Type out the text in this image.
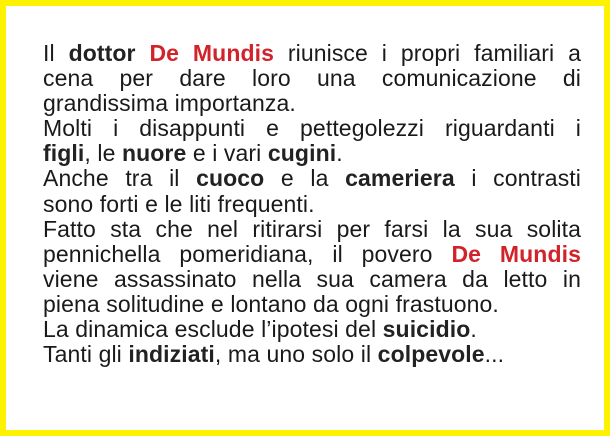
Il dottor De Mundis riunisce i propri familiari a
cena per dare loro una comunicazione di
grandissima importanza.
Molti i disappunti e pettegolezzi riguardanti i
figli, le nuore e i vari cugini.
Anche tra il cuoco e la cameriera i contrasti
sono forti e le liti frequenti.
Fatto sta che nel ritirarsi per farsi la sua solita
pennichella pomeridiana, il povero De Mundis
viene assassinato nella sua camera da letto in
piena solitudine e lontano da ogni frastuono.
La dinamica esclude l’ipotesi del suicidio.
Tanti gli indiziati, ma uno solo il colpevole...
